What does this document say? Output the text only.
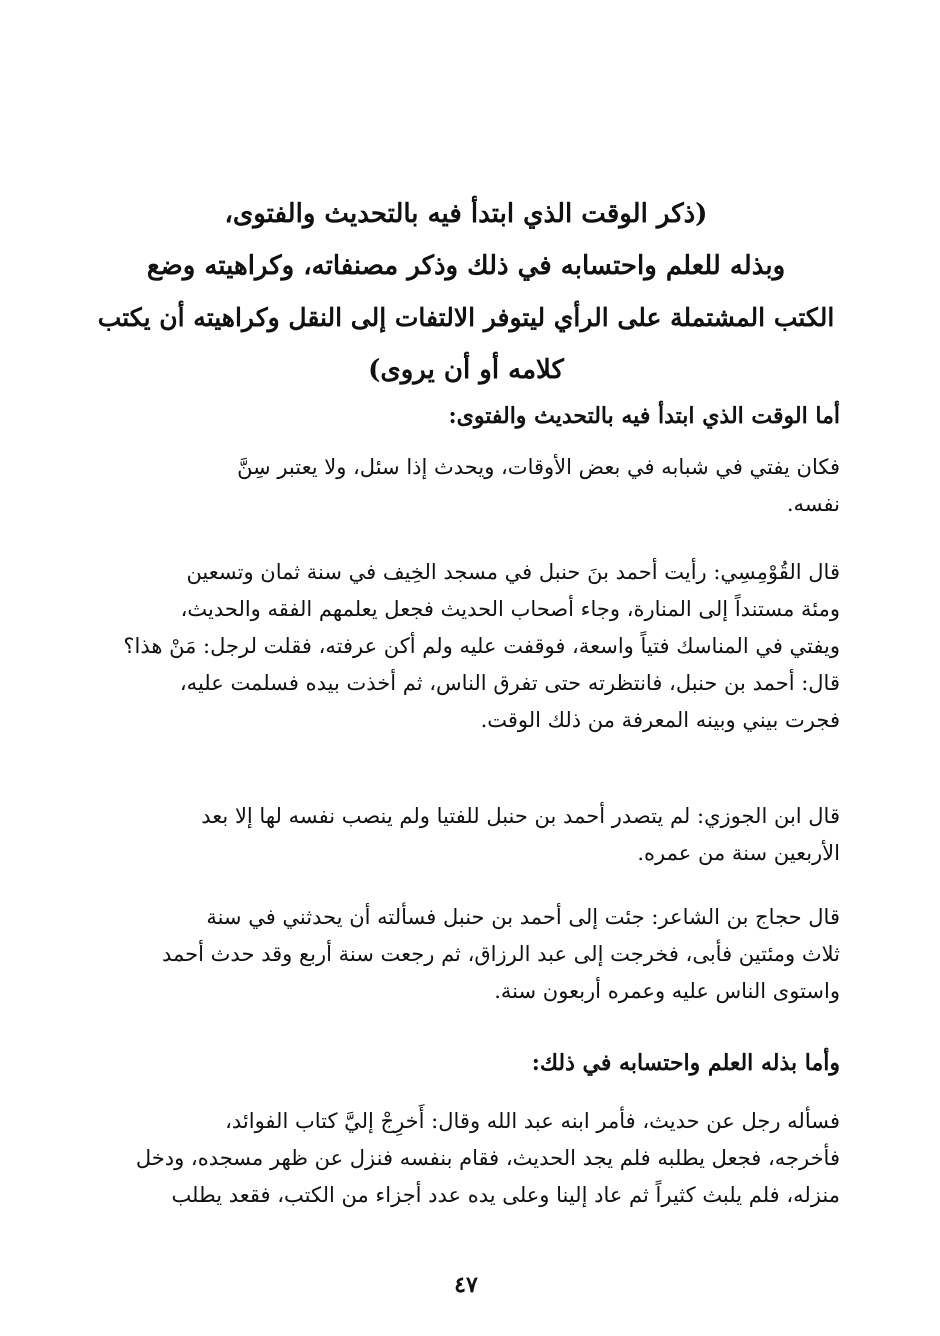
(ذكر الوقت الذي ابتدأ فيه بالتحديث والفتوى،
وبذله للعلم واحتسابه في ذلك وذكر مصنفاته، وكراهيته وضع
الكتب المشتملة على الرأي ليتوفر الالتفات إلى النقل وكراهيته أن يكتب
كلامه أو أن يروى)
أما الوقت الذي ابتدأ فيه بالتحديث والفتوى:
فكان يفتي في شبابه في بعض الأوقات، ويحدث إذا سئل، ولا يعتبر سِنَّ
نفسه.
قال القُوْمِسِي: رأيت أحمد بنَ حنبل في مسجد الخِيف في سنة ثمان وتسعين
ومئة مستنداً إلى المنارة، وجاء أصحاب الحديث فجعل يعلمهم الفقه والحديث،
ويفتي في المناسك فتياً واسعة، فوقفت عليه ولم أكن عرفته، فقلت لرجل: مَنْ هذا؟
قال: أحمد بن حنبل، فانتظرته حتى تفرق الناس، ثم أخذت بيده فسلمت عليه،
فجرت بيني وبينه المعرفة من ذلك الوقت.
قال ابن الجوزي: لم يتصدر أحمد بن حنبل للفتيا ولم ينصب نفسه لها إلا بعد
الأربعين سنة من عمره.
قال حجاج بن الشاعر: جئت إلى أحمد بن حنبل فسألته أن يحدثني في سنة
ثلاث ومئتين فأبى، فخرجت إلى عبد الرزاق، ثم رجعت سنة أربع وقد حدث أحمد
واستوى الناس عليه وعمره أربعون سنة.
وأما بذله العلم واحتسابه في ذلك:
فسأله رجل عن حديث، فأمر ابنه عبد الله وقال: أَخرِجْ إليَّ كتاب الفوائد،
فأخرجه، فجعل يطلبه فلم يجد الحديث، فقام بنفسه فنزل عن ظهر مسجده، ودخل
منزله، فلم يلبث كثيراً ثم عاد إلينا وعلى يده عدد أجزاء من الكتب، فقعد يطلب
٤٧
